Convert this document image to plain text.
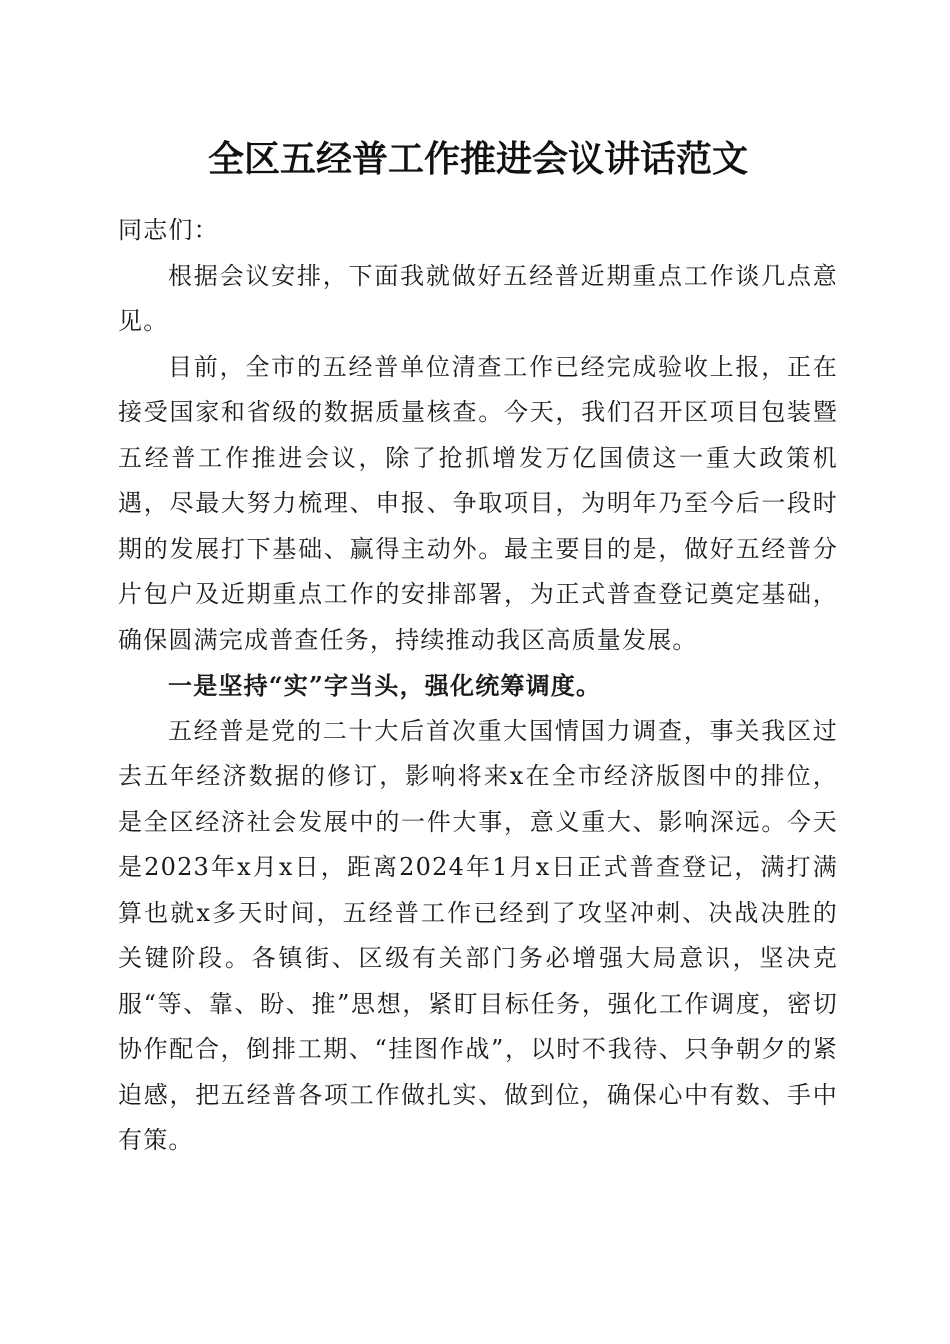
全区五经普工作推进会议讲话范文

同志们：

根据会议安排，下面我就做好五经普近期重点工作谈几点意见。

目前，全市的五经普单位清查工作已经完成验收上报，正在接受国家和省级的数据质量核查。今天，我们召开区项目包装暨五经普工作推进会议，除了抢抓增发万亿国债这一重大政策机遇，尽最大努力梳理、申报、争取项目，为明年乃至今后一段时期的发展打下基础、赢得主动外。最主要目的是，做好五经普分片包户及近期重点工作的安排部署，为正式普查登记奠定基础，确保圆满完成普查任务，持续推动我区高质量发展。

一是坚持“实”字当头，强化统筹调度。

五经普是党的二十大后首次重大国情国力调查，事关我区过去五年经济数据的修订，影响将来x在全市经济版图中的排位，是全区经济社会发展中的一件大事，意义重大、影响深远。今天是2023年x月x日，距离2024年1月x日正式普查登记，满打满算也就x多天时间，五经普工作已经到了攻坚冲刺、决战决胜的关键阶段。各镇街、区级有关部门务必增强大局意识，坚决克服“等、靠、盼、推”思想，紧盯目标任务，强化工作调度，密切协作配合，倒排工期、“挂图作战”，以时不我待、只争朝夕的紧迫感，把五经普各项工作做扎实、做到位，确保心中有数、手中有策。
